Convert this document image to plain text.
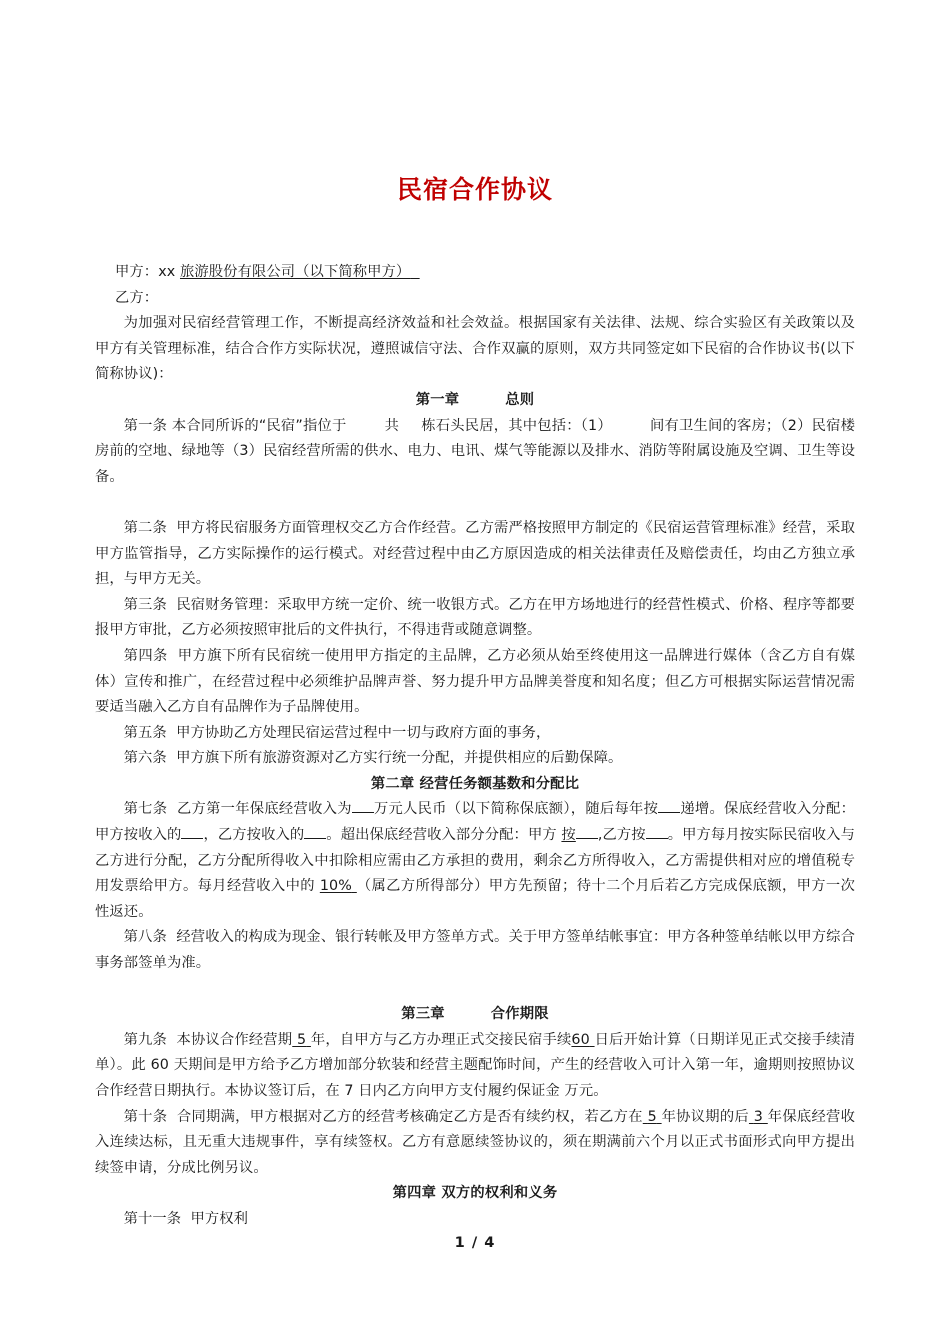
民宿合作协议

甲方：xx 旅游股份有限公司（以下简称甲方）

乙方：

为加强对民宿经营管理工作，不断提高经济效益和社会效益。根据国家有关法律、法规、综合实验区有关政策以及甲方有关管理标准，结合合作方实际状况，遵照诚信守法、合作双赢的原则，双方共同签定如下民宿的合作协议书(以下简称协议)：

第一章	总则

第一条 本合同所诉的“民宿”指位于	共 栋石头民居，其中包括：（1）	间有卫生间的客房；（2）民宿楼房前的空地、绿地等（3）民宿经营所需的供水、电力、电讯、煤气等能源以及排水、消防等附属设施及空调、卫生等设备。

第二条 甲方将民宿服务方面管理权交乙方合作经营。乙方需严格按照甲方制定的《民宿运营管理标准》经营，采取甲方监管指导，乙方实际操作的运行模式。对经营过程中由乙方原因造成的相关法律责任及赔偿责任，均由乙方独立承担，与甲方无关。

第三条 民宿财务管理：采取甲方统一定价、统一收银方式。乙方在甲方场地进行的经营性模式、价格、程序等都要报甲方审批，乙方必须按照审批后的文件执行，不得违背或随意调整。

第四条 甲方旗下所有民宿统一使用甲方指定的主品牌，乙方必须从始至终使用这一品牌进行媒体（含乙方自有媒体）宣传和推广，在经营过程中必须维护品牌声誉、努力提升甲方品牌美誉度和知名度；但乙方可根据实际运营情况需要适当融入乙方自有品牌作为子品牌使用。

第五条 甲方协助乙方处理民宿运营过程中一切与政府方面的事务，

第六条 甲方旗下所有旅游资源对乙方实行统一分配，并提供相应的后勤保障。

第二章 经营任务额基数和分配比

第七条 乙方第一年保底经营收入为 万元人民币（以下简称保底额），随后每年按 递增。保底经营收入分配：甲方按收入的 ，乙方按收入的 。超出保底经营收入部分分配：甲方 按 ,乙方按 。甲方每月按实际民宿收入与乙方进行分配，乙方分配所得收入中扣除相应需由乙方承担的费用，剩余乙方所得收入，乙方需提供相对应的增值税专用发票给甲方。每月经营收入中的 10% （属乙方所得部分）甲方先预留；待十二个月后若乙方完成保底额，甲方一次性返还。

第八条 经营收入的构成为现金、银行转帐及甲方签单方式。关于甲方签单结帐事宜：甲方各种签单结帐以甲方综合事务部签单为准。

第三章	合作期限

第九条 本协议合作经营期 5 年，自甲方与乙方办理正式交接民宿手续60 日后开始计算（日期详见正式交接手续清单）。此 60 天期间是甲方给予乙方增加部分软装和经营主题配饰时间，产生的经营收入可计入第一年，逾期则按照协议合作经营日期执行。本协议签订后，在 7 日内乙方向甲方支付履约保证金 万元。

第十条 合同期满，甲方根据对乙方的经营考核确定乙方是否有续约权，若乙方在 5 年协议期的后 3 年保底经营收入连续达标，且无重大违规事件，享有续签权。乙方有意愿续签协议的，须在期满前六个月以正式书面形式向甲方提出续签申请，分成比例另议。

第四章 双方的权利和义务

第十一条 甲方权利

1 / 4
